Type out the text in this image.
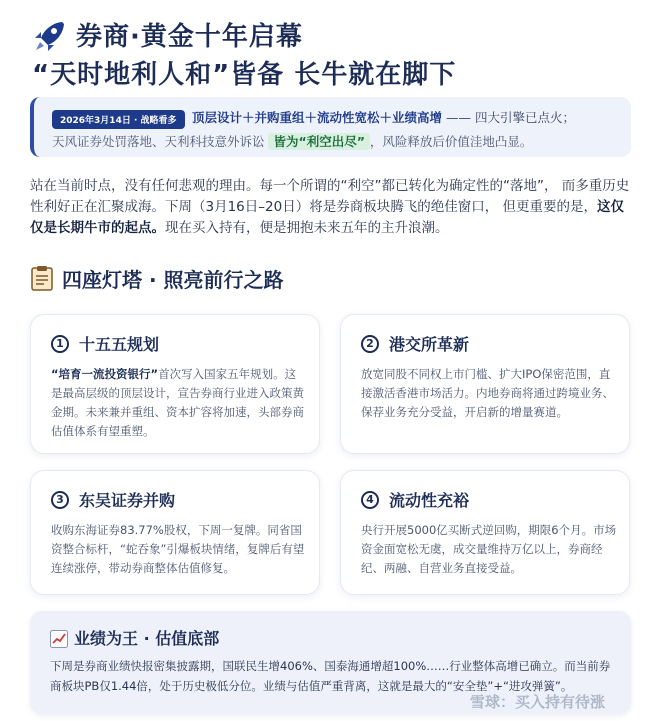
券商·黄金十年启幕
“天时地利人和”皆备 长牛就在脚下
2026年3月14日 · 战略看多	顶层设计＋并购重组＋流动性宽松＋业绩高增 —— 四大引擎已点火；
天风证券处罚落地、天利科技意外诉讼 皆为“利空出尽” ，风险释放后价值洼地凸显。

站在当前时点，没有任何悲观的理由。每一个所谓的“利空”都已转化为确定性的“落地”， 而多重历史性利好正在汇聚成海。下周（3月16日–20日）将是券商板块腾飞的绝佳窗口， 但更重要的是，这仅仅是长期牛市的起点。现在买入持有，便是拥抱未来五年的主升浪潮。

四座灯塔 · 照亮前行之路
1 十五五规划
“培育一流投资银行”首次写入国家五年规划。这是最高层级的顶层设计，宣告券商行业进入政策黄金期。未来兼并重组、资本扩容将加速，头部券商估值体系有望重塑。
2 港交所革新
放宽同股不同权上市门槛、扩大IPO保密范围，直接激活香港市场活力。内地券商将通过跨境业务、保荐业务充分受益，开启新的增量赛道。
3 东吴证券并购
收购东海证券83.77%股权，下周一复牌。同省国资整合标杆，“蛇吞象”引爆板块情绪，复牌后有望连续涨停，带动券商整体估值修复。
4 流动性充裕
央行开展5000亿买断式逆回购，期限6个月。市场资金面宽松无虞，成交量维持万亿以上，券商经纪、两融、自营业务直接受益。
业绩为王 · 估值底部
下周是券商业绩快报密集披露期，国联民生增406%、国泰海通增超100%……行业整体高增已确立。而当前券商板块PB仅1.44倍，处于历史极低分位。业绩与估值严重背离，这就是最大的“安全垫”+“进攻弹簧”。
雪球：买入持有待涨
